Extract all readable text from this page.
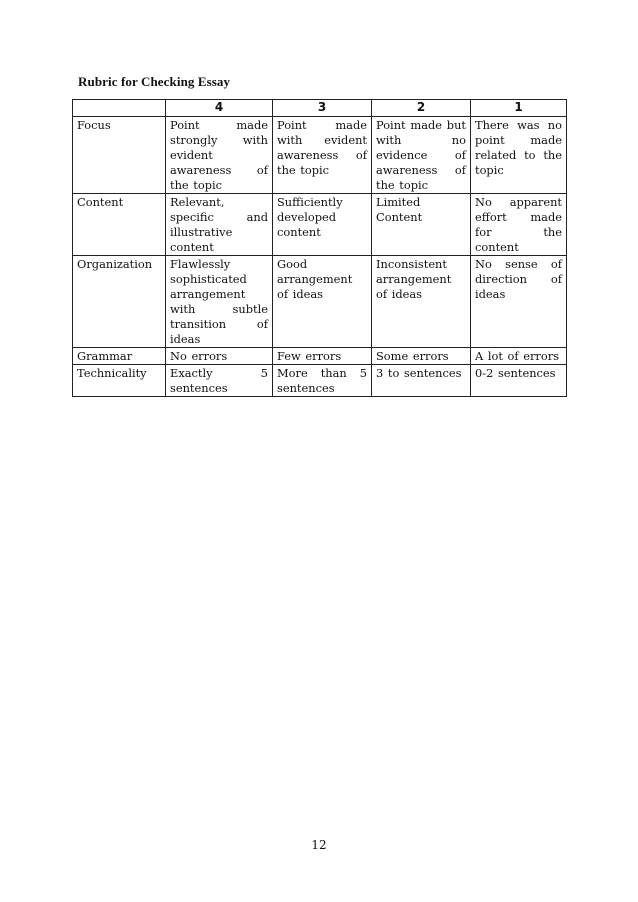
Rubric for Checking Essay
	4	3	2	1
Focus	Point made strongly with evident awareness of the topic	Point made with evident awareness of the topic	Point made but with no evidence of awareness of the topic	There was no point made related to the topic
Content	Relevant, specific and illustrative content	Sufficiently developed content	Limited Content	No apparent effort made for the content
Organization	Flawlessly sophisticated arrangement with subtle transition of ideas	Good arrangement of ideas	Inconsistent arrangement of ideas	No sense of direction of ideas
Grammar	No errors	Few errors	Some errors	A lot of errors
Technicality	Exactly 5 sentences	More than 5 sentences	3 to sentences	0-2 sentences
12
